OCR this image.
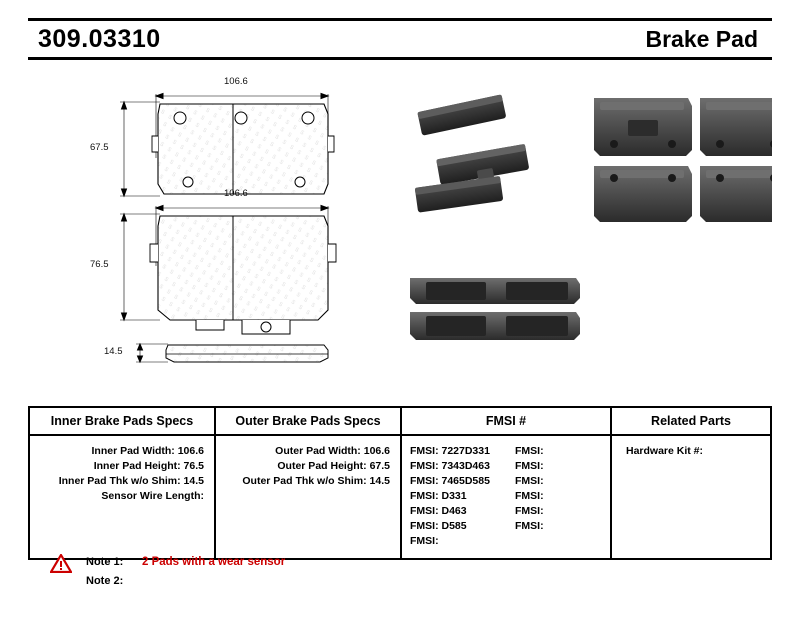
309.03310	Brake Pad
106.6
67.5
106.6
76.5
14.5
Inner Brake Pads Specs
Inner Pad Width: 106.6
Inner Pad Height: 76.5
Inner Pad Thk w/o Shim: 14.5
Sensor Wire Length:
Outer Brake Pads Specs
Outer Pad Width: 106.6
Outer Pad Height: 67.5
Outer Pad Thk w/o Shim: 14.5
FMSI #
FMSI: 7227D331	FMSI:
FMSI: 7343D463	FMSI:
FMSI: 7465D585	FMSI:
FMSI: D331	FMSI:
FMSI: D463	FMSI:
FMSI: D585	FMSI:
FMSI:
Related Parts
Hardware Kit #:
Note 1:	2 Pads with a wear sensor
Note 2:
